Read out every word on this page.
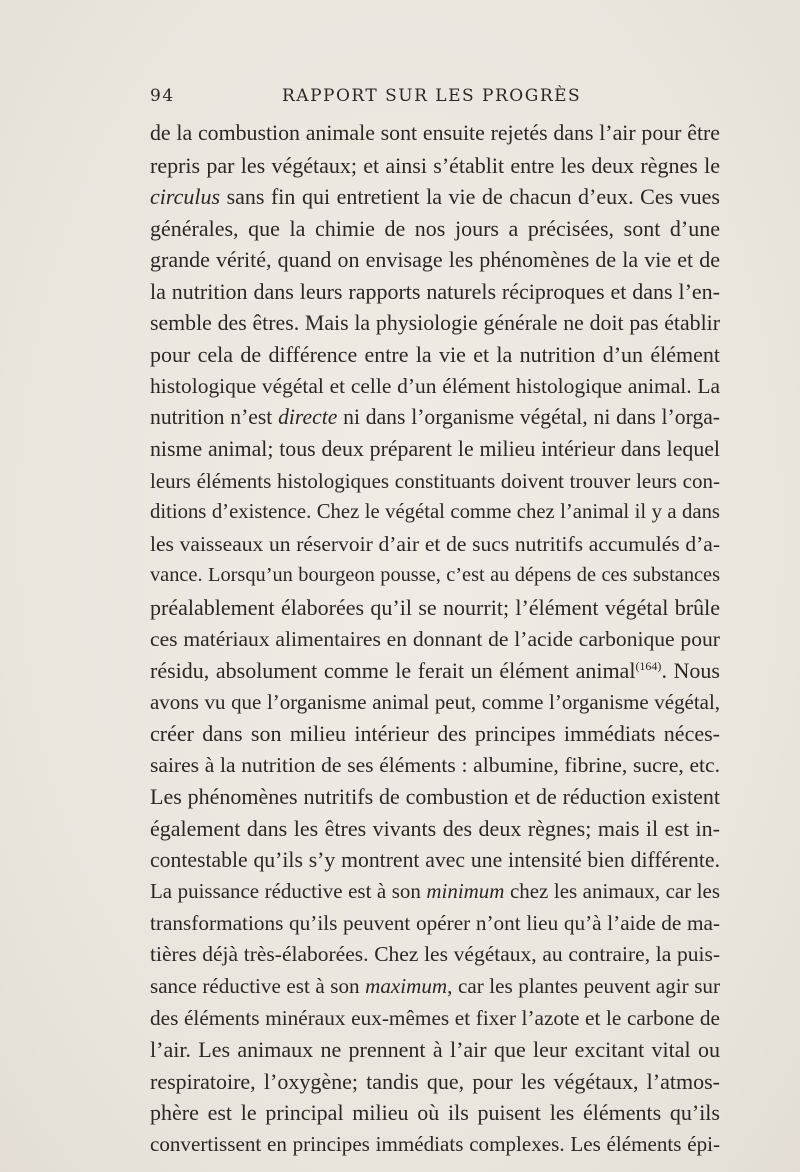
94	RAPPORT SUR LES PROGRÈS
de la combustion animale sont ensuite rejetés dans l’air pour être
repris par les végétaux; et ainsi s’établit entre les deux règnes le
circulus sans fin qui entretient la vie de chacun d’eux. Ces vues
générales, que la chimie de nos jours a précisées, sont d’une
grande vérité, quand on envisage les phénomènes de la vie et de
la nutrition dans leurs rapports naturels réciproques et dans l’en-
semble des êtres. Mais la physiologie générale ne doit pas établir
pour cela de différence entre la vie et la nutrition d’un élément
histologique végétal et celle d’un élément histologique animal. La
nutrition n’est directe ni dans l’organisme végétal, ni dans l’orga-
nisme animal; tous deux préparent le milieu intérieur dans lequel
leurs éléments histologiques constituants doivent trouver leurs con-
ditions d’existence. Chez le végétal comme chez l’animal il y a dans
les vaisseaux un réservoir d’air et de sucs nutritifs accumulés d’a-
vance. Lorsqu’un bourgeon pousse, c’est au dépens de ces substances
préalablement élaborées qu’il se nourrit; l’élément végétal brûle
ces matériaux alimentaires en donnant de l’acide carbonique pour
résidu, absolument comme le ferait un élément animal$^{(164)}$. Nous
avons vu que l’organisme animal peut, comme l’organisme végétal,
créer dans son milieu intérieur des principes immédiats néces-
saires à la nutrition de ses éléments : albumine, fibrine, sucre, etc.
Les phénomènes nutritifs de combustion et de réduction existent
également dans les êtres vivants des deux règnes; mais il est in-
contestable qu’ils s’y montrent avec une intensité bien différente.
La puissance réductive est à son minimum chez les animaux, car les
transformations qu’ils peuvent opérer n’ont lieu qu’à l’aide de ma-
tières déjà très-élaborées. Chez les végétaux, au contraire, la puis-
sance réductive est à son maximum, car les plantes peuvent agir sur
des éléments minéraux eux-mêmes et fixer l’azote et le carbone de
l’air. Les animaux ne prennent à l’air que leur excitant vital ou
respiratoire, l’oxygène; tandis que, pour les végétaux, l’atmos-
phère est le principal milieu où ils puisent les éléments qu’ils
convertissent en principes immédiats complexes. Les éléments épi-
